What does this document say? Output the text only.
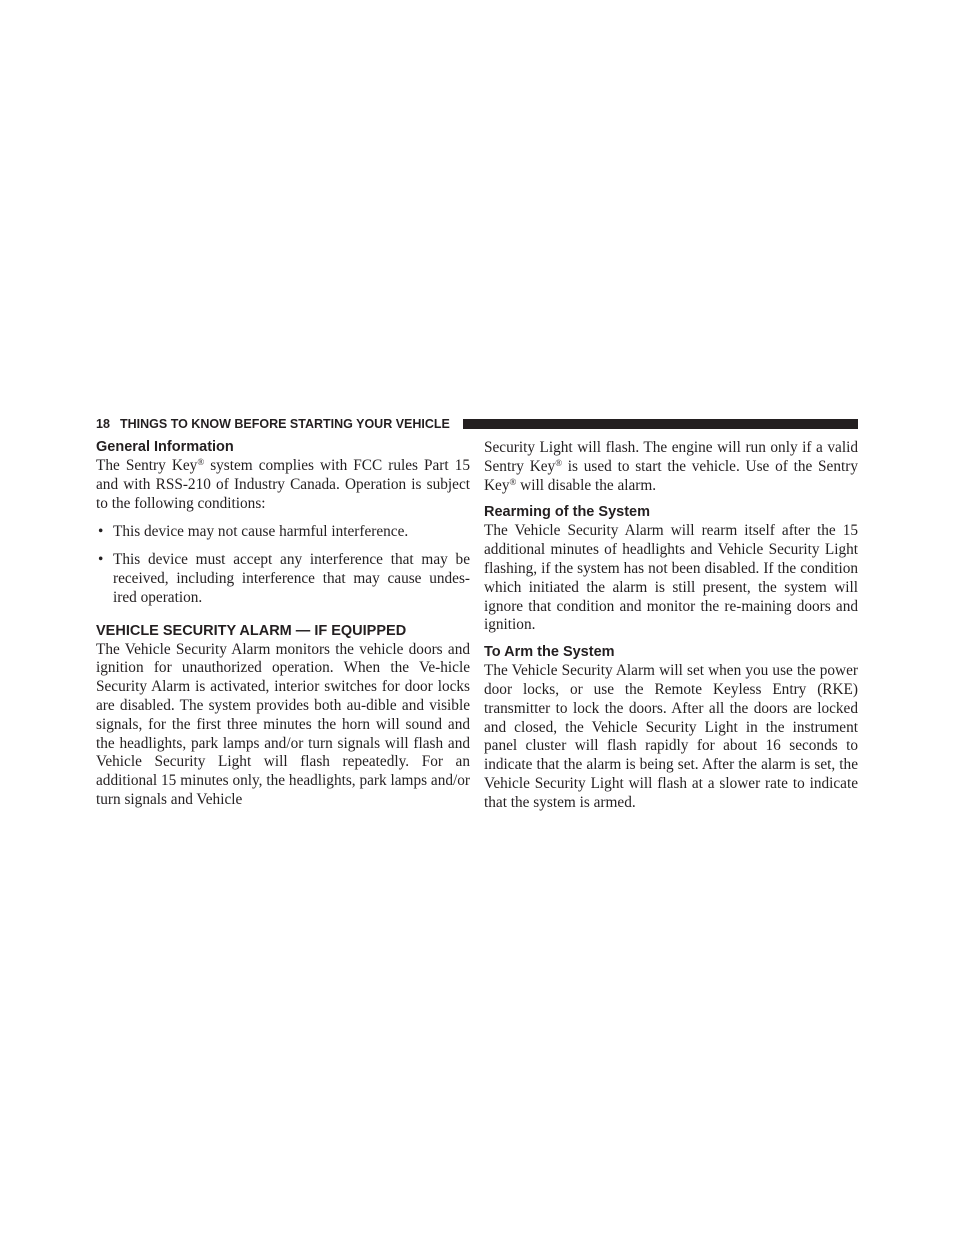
18 THINGS TO KNOW BEFORE STARTING YOUR VEHICLE
General Information

The Sentry Key® system complies with FCC rules Part 15 and with RSS-210 of Industry Canada. Operation is subject to the following conditions:

• This device may not cause harmful interference.
• This device must accept any interference that may be received, including interference that may cause undes-ired operation.
VEHICLE SECURITY ALARM — IF EQUIPPED

The Vehicle Security Alarm monitors the vehicle doors and ignition for unauthorized operation. When the Ve-hicle Security Alarm is activated, interior switches for door locks are disabled. The system provides both au-dible and visible signals, for the first three minutes the horn will sound and the headlights, park lamps and/or turn signals will flash and Vehicle Security Light will flash repeatedly. For an additional 15 minutes only, the headlights, park lamps and/or turn signals and Vehicle

Security Light will flash. The engine will run only if a valid Sentry Key® is used to start the vehicle. Use of the Sentry Key® will disable the alarm.

Rearming of the System

The Vehicle Security Alarm will rearm itself after the 15 additional minutes of headlights and Vehicle Security Light flashing, if the system has not been disabled. If the condition which initiated the alarm is still present, the system will ignore that condition and monitor the re-maining doors and ignition.

To Arm the System

The Vehicle Security Alarm will set when you use the power door locks, or use the Remote Keyless Entry (RKE) transmitter to lock the doors. After all the doors are locked and closed, the Vehicle Security Light in the instrument panel cluster will flash rapidly for about 16 seconds to indicate that the alarm is being set. After the alarm is set, the Vehicle Security Light will flash at a slower rate to indicate that the system is armed.
